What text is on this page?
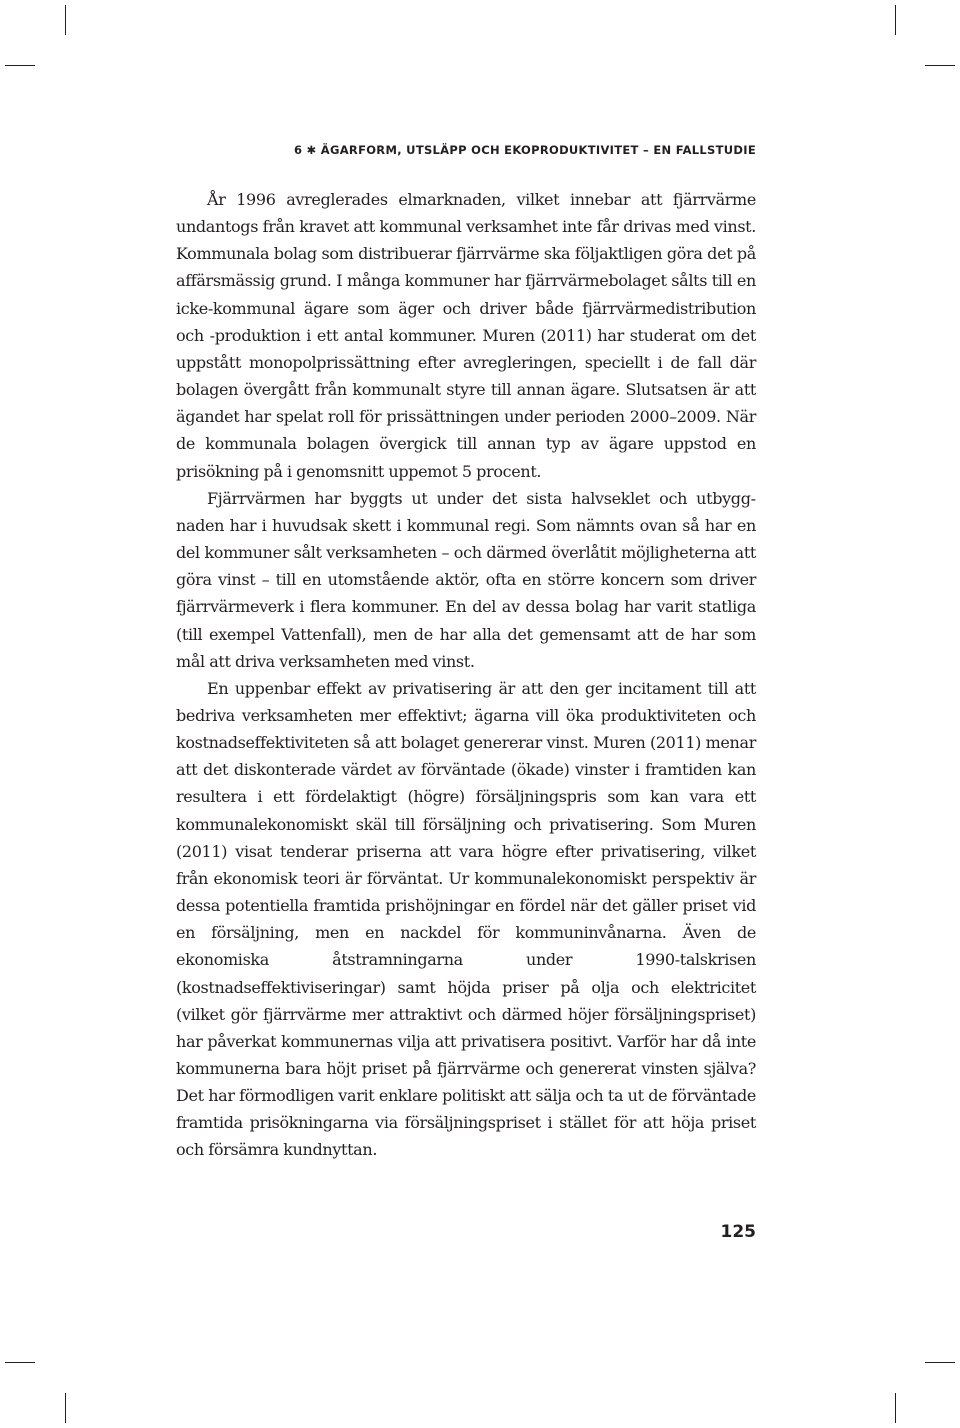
6 ✱ ÄGARFORM, UTSLÄPP OCH EKOPRODUKTIVITET – EN FALLSTUDIE

År 1996 avreglerades elmarknaden, vilket innebar att fjärrvärme undantogs från kravet att kommunal verksamhet inte får drivas med vinst. Kommunala bolag som distribuerar fjärrvärme ska följaktligen göra det på affärsmässig grund. I många kommuner har fjärrvärmebolaget sålts till en icke-kommunal ägare som äger och driver både fjärrvärmedistribution och -produktion i ett antal kommuner. Muren (2011) har studerat om det uppstått monopolprissättning efter avregleringen, speciellt i de fall där bolagen övergått från kommunalt styre till annan ägare. Slutsatsen är att ägandet har spelat roll för prissättningen under perioden 2000–2009. När de kommunala bolagen övergick till annan typ av ägare uppstod en prisökning på i genomsnitt uppemot 5 procent.

Fjärrvärmen har byggts ut under det sista halvseklet och utbyggnaden har i huvudsak skett i kommunal regi. Som nämnts ovan så har en del kommuner sålt verksamheten – och därmed överlåtit möjligheterna att göra vinst – till en utomstående aktör, ofta en större koncern som driver fjärrvärmeverk i flera kommuner. En del av dessa bolag har varit statliga (till exempel Vattenfall), men de har alla det gemensamt att de har som mål att driva verksamheten med vinst.

En uppenbar effekt av privatisering är att den ger incitament till att bedriva verksamheten mer effektivt; ägarna vill öka produktiviteten och kostnadseffektiviteten så att bolaget genererar vinst. Muren (2011) menar att det diskonterade värdet av förväntade (ökade) vinster i framtiden kan resultera i ett fördelaktigt (högre) försäljningspris som kan vara ett kommunalekonomiskt skäl till försäljning och privatisering. Som Muren (2011) visat tenderar priserna att vara högre efter privatisering, vilket från ekonomisk teori är förväntat. Ur kommunalekonomiskt perspektiv är dessa potentiella framtida prishöjningar en fördel när det gäller priset vid en försäljning, men en nackdel för kommuninvånarna. Även de ekonomiska åtstramningarna under 1990-talskrisen (kostnadseffektiviseringar) samt höjda priser på olja och elektricitet (vilket gör fjärrvärme mer attraktivt och därmed höjer försäljningspriset) har påverkat kommunernas vilja att privatisera positivt. Varför har då inte kommunerna bara höjt priset på fjärrvärme och genererat vinsten själva? Det har förmodligen varit enklare politiskt att sälja och ta ut de förväntade framtida prisökningarna via försäljningspriset i stället för att höja priset och försämra kundnyttan.

125
